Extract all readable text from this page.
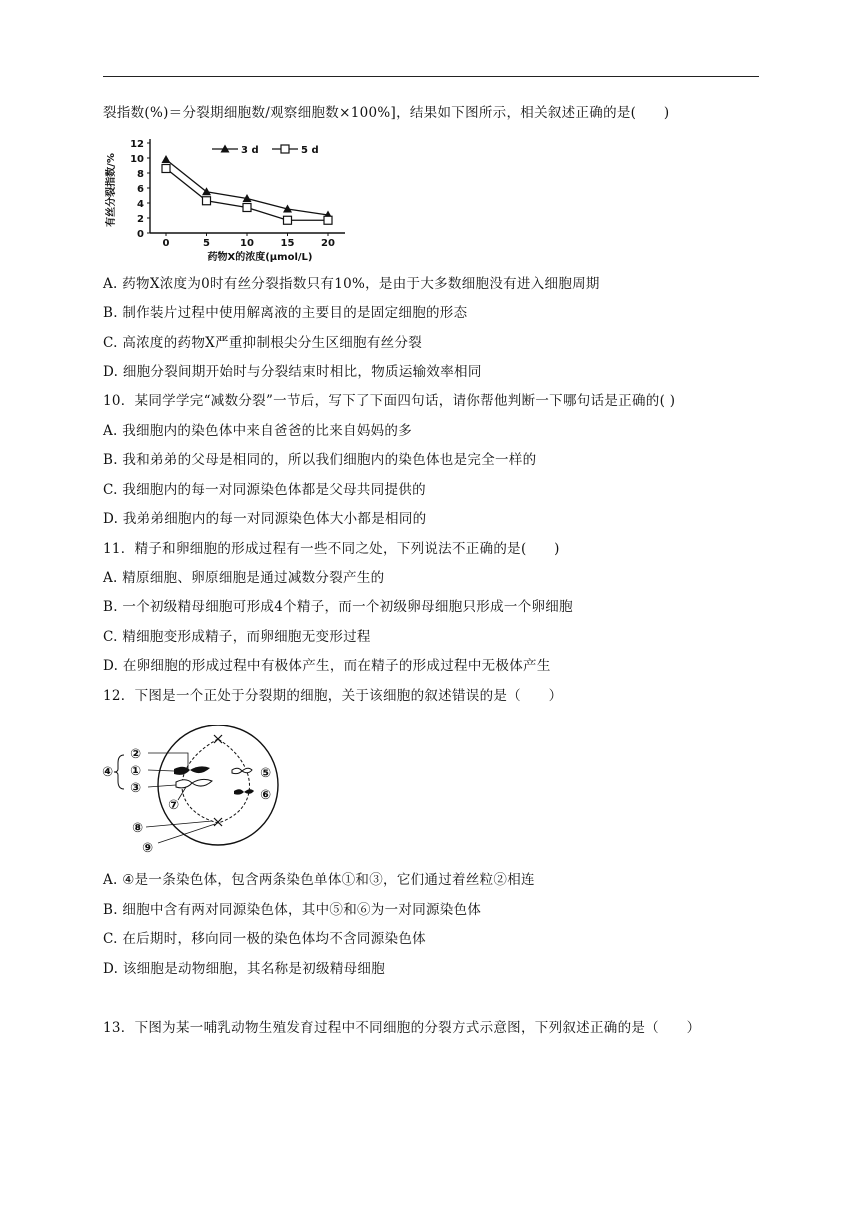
裂指数(%)＝分裂期细胞数/观察细胞数×100%]，结果如下图所示，相关叙述正确的是(　　)
0
2
4
6
8
10
12
0	5	10	15	20
药物X的浓度(μmol/L)
有丝分裂指数/%
3 d	5 d
A. 药物X浓度为0时有丝分裂指数只有10%，是由于大多数细胞没有进入细胞周期
B. 制作装片过程中使用解离液的主要目的是固定细胞的形态
C. 高浓度的药物X严重抑制根尖分生区细胞有丝分裂
D. 细胞分裂间期开始时与分裂结束时相比，物质运输效率相同
10．某同学学完“减数分裂”一节后，写下了下面四句话，请你帮他判断一下哪句话是正确的( )
A. 我细胞内的染色体中来自爸爸的比来自妈妈的多
B. 我和弟弟的父母是相同的，所以我们细胞内的染色体也是完全一样的
C. 我细胞内的每一对同源染色体都是父母共同提供的
D. 我弟弟细胞内的每一对同源染色体大小都是相同的
11．精子和卵细胞的形成过程有一些不同之处，下列说法不正确的是(　　)
A. 精原细胞、卵原细胞是通过减数分裂产生的
B. 一个初级精母细胞可形成4个精子，而一个初级卵母细胞只形成一个卵细胞
C. 精细胞变形成精子，而卵细胞无变形过程
D. 在卵细胞的形成过程中有极体产生，而在精子的形成过程中无极体产生
12．下图是一个正处于分裂期的细胞，关于该细胞的叙述错误的是（　　）
②
①
③
④	⑤
⑥
⑦
⑧
⑨
A. ④是一条染色体，包含两条染色单体①和③，它们通过着丝粒②相连
B. 细胞中含有两对同源染色体，其中⑤和⑥为一对同源染色体
C. 在后期时，移向同一极的染色体均不含同源染色体
D. 该细胞是动物细胞，其名称是初级精母细胞
13．下图为某一哺乳动物生殖发育过程中不同细胞的分裂方式示意图，下列叙述正确的是（　　）
